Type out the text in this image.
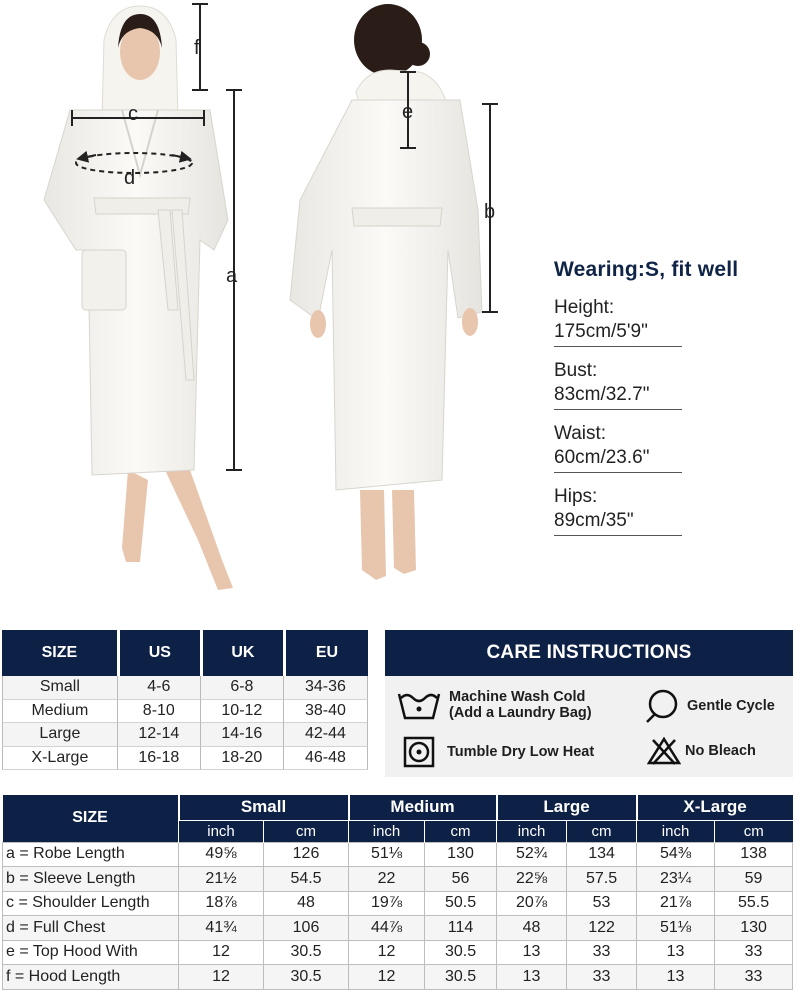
f
c
d
a
e
b
Wearing:S, fit well
Height:
175cm/5'9"
Bust:
83cm/32.7"
Waist:
60cm/23.6"
Hips:
89cm/35"
SIZE	US	UK	EU
Small	4-6	6-8	34-36
Medium	8-10	10-12	38-40
Large	12-14	14-16	42-44
X-Large	16-18	18-20	46-48
CARE INSTRUCTIONS
Machine Wash Cold
(Add a Laundry Bag)	Gentle Cycle
Tumble Dry Low Heat	No Bleach
SIZE	Small		Medium		Large		X-Large	
	inch	cm	inch	cm	inch	cm	inch	cm
a = Robe Length	49⅝	126	51⅛	130	52¾	134	54⅜	138
b = Sleeve Length	21½	54.5	22	56	22⅝	57.5	23¼	59
c = Shoulder Length	18⅞	48	19⅞	50.5	20⅞	53	21⅞	55.5
d = Full Chest	41¾	106	44⅞	114	48	122	51⅛	130
e = Top Hood With	12	30.5	12	30.5	13	33	13	33
f = Hood Length	12	30.5	12	30.5	13	33	13	33
